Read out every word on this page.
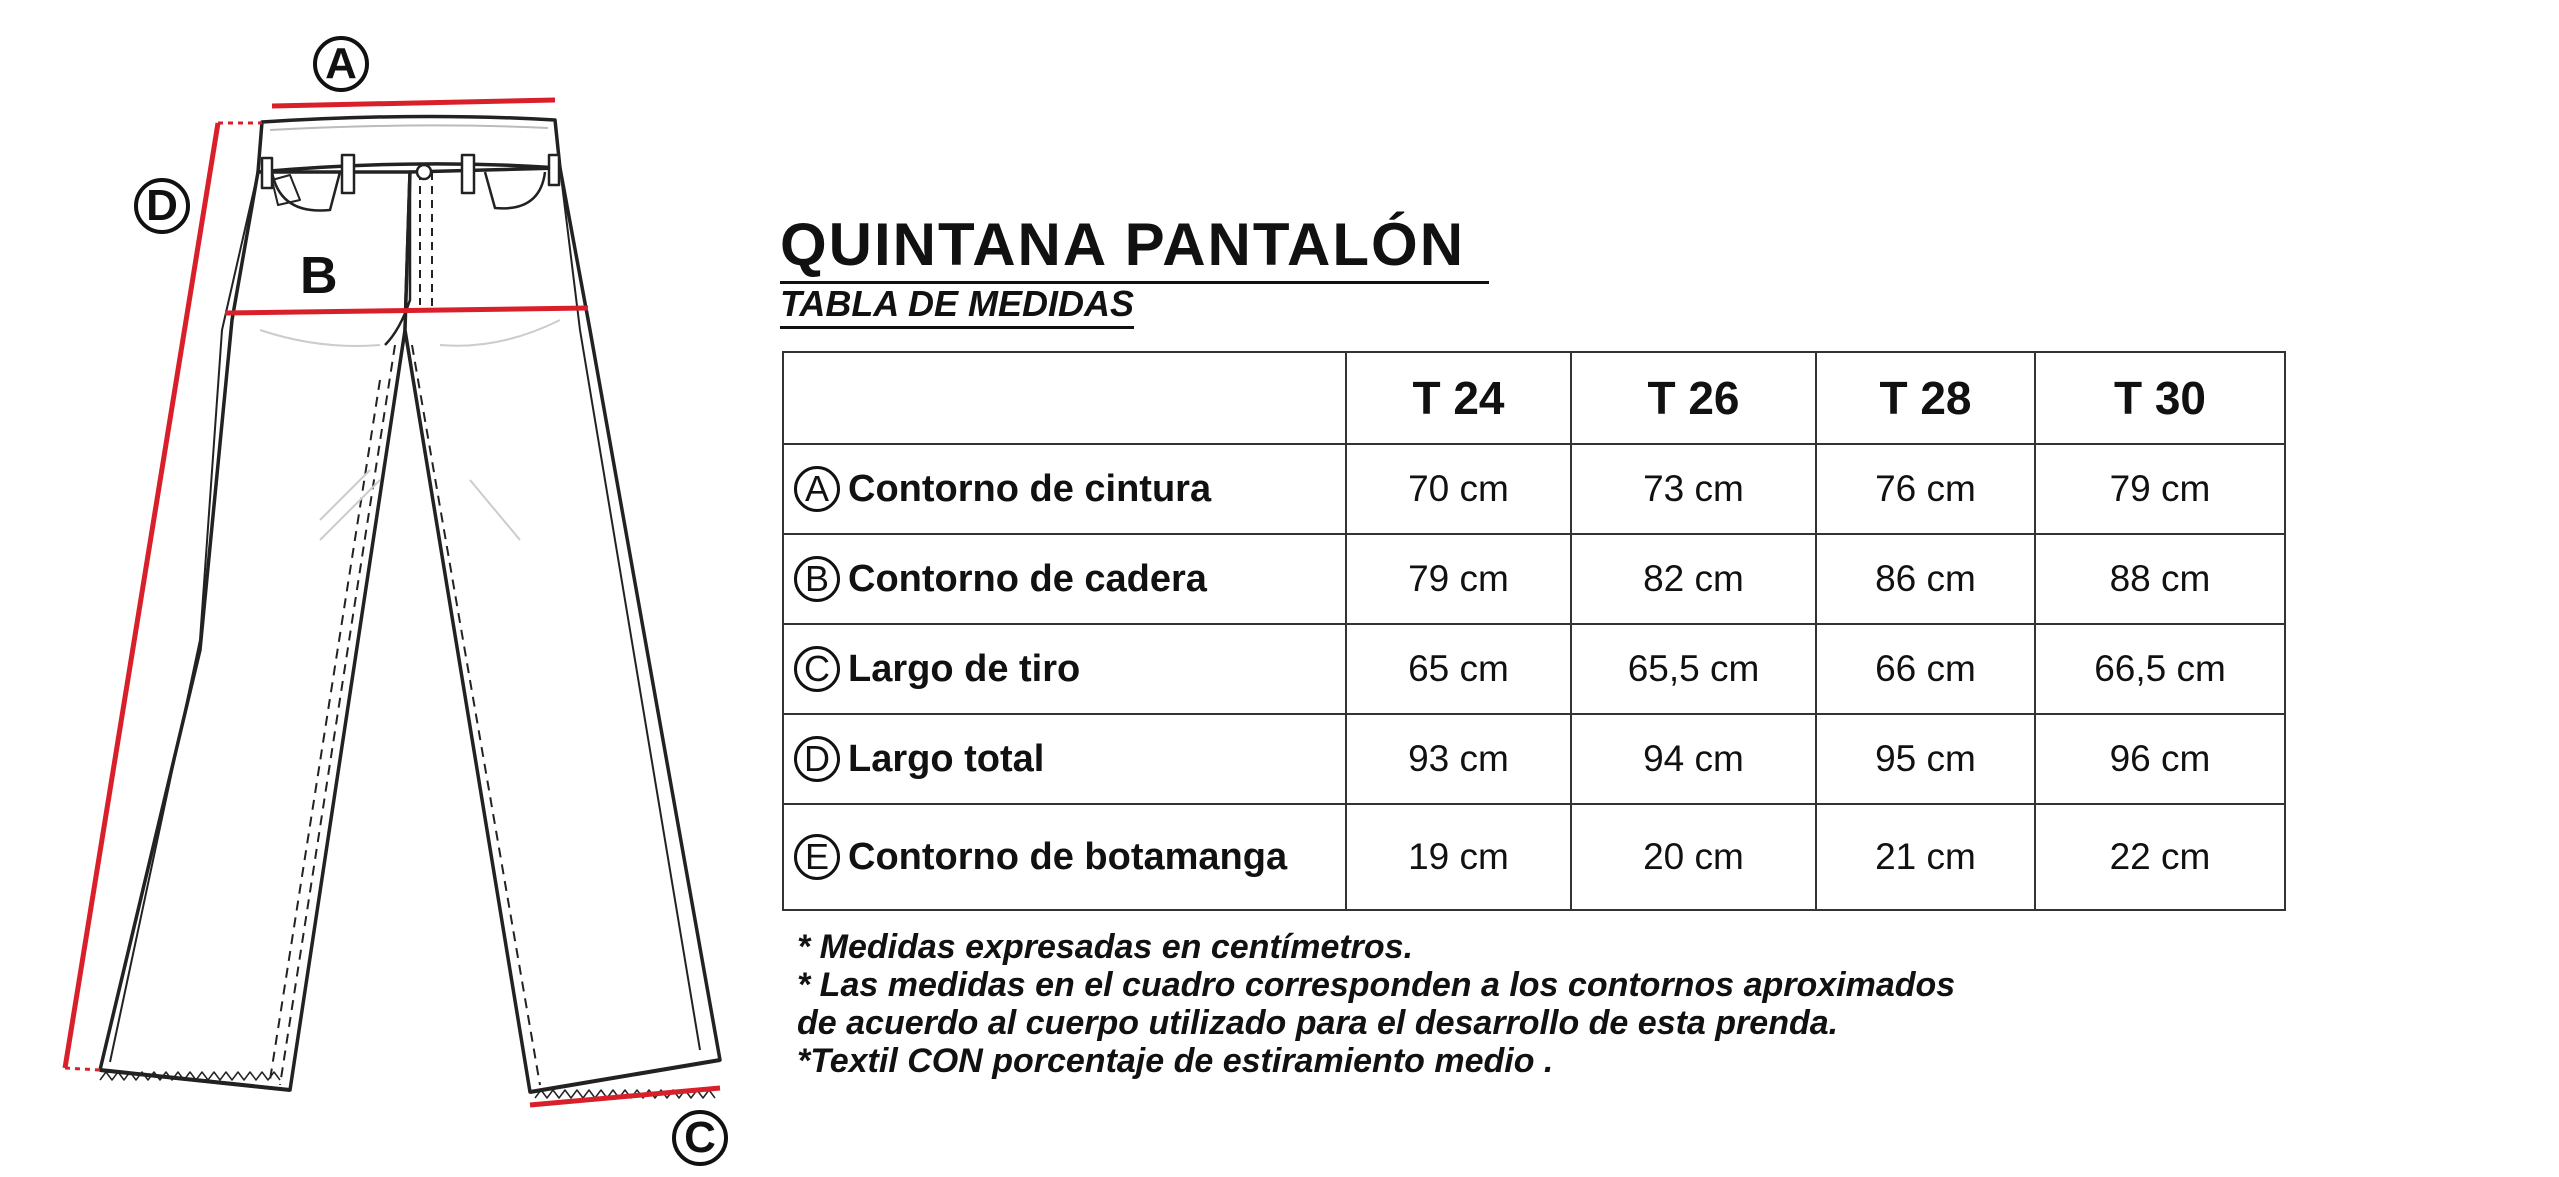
A
B
C
D
QUINTANA PANTALÓN
TABLA DE MEDIDAS
	T 24	T 26	T 28	T 30

A Contorno de cintura	70 cm	73 cm	76 cm	79 cm

B Contorno de cadera	79 cm	82 cm	86 cm	88 cm

C Largo de tiro	65 cm	65,5 cm	66 cm	66,5 cm

D Largo total	93 cm	94 cm	95 cm	96 cm

E Contorno de botamanga	19 cm	20 cm	21 cm	22 cm
* Medidas expresadas en centímetros.
* Las medidas en el cuadro corresponden a los contornos aproximados de acuerdo al cuerpo utilizado para el desarrollo de esta prenda.
*Textil CON porcentaje de estiramiento medio .
